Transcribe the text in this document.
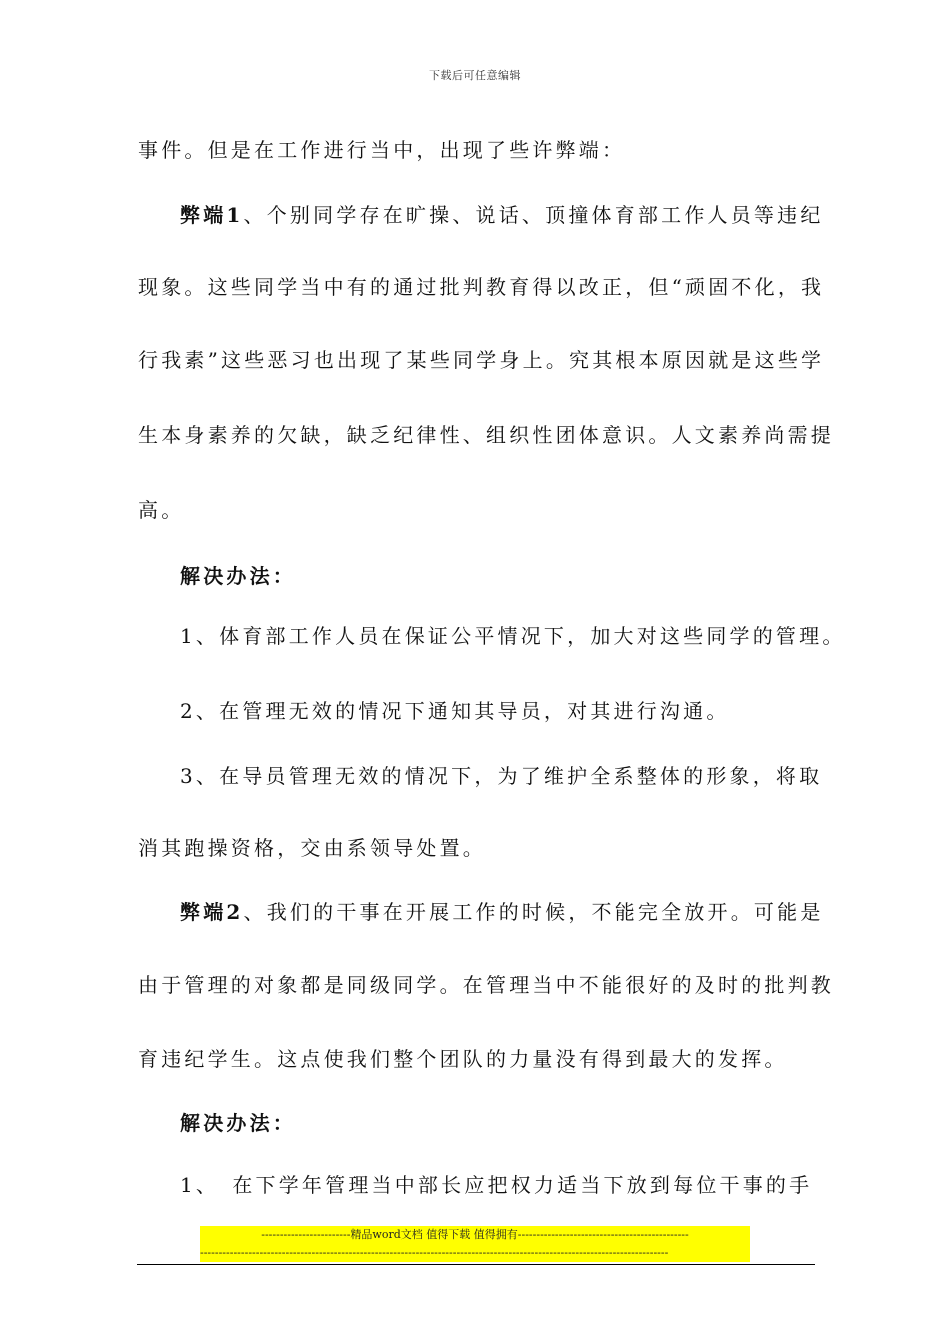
下载后可任意编辑
事件。但是在工作进行当中，出现了些许弊端：
弊端1、个别同学存在旷操、说话、顶撞体育部工作人员等违纪
现象。这些同学当中有的通过批判教育得以改正，但“顽固不化，我
行我素”这些恶习也出现了某些同学身上。究其根本原因就是这些学
生本身素养的欠缺，缺乏纪律性、组织性团体意识。人文素养尚需提
高。
解决办法：
1、体育部工作人员在保证公平情况下，加大对这些同学的管理。
2、在管理无效的情况下通知其导员，对其进行沟通。
3、在导员管理无效的情况下，为了维护全系整体的形象，将取
消其跑操资格，交由系领导处置。
弊端2、我们的干事在开展工作的时候，不能完全放开。可能是
由于管理的对象都是同级同学。在管理当中不能很好的及时的批判教
育违纪学生。这点使我们整个团队的力量没有得到最大的发挥。
解决办法：
1、　在下学年管理当中部长应把权力适当下放到每位干事的手
------------------------精品word文档 值得下载 值得拥有----------------------------------------------
------------------------------------------------------------------------------------------------------------------------------
